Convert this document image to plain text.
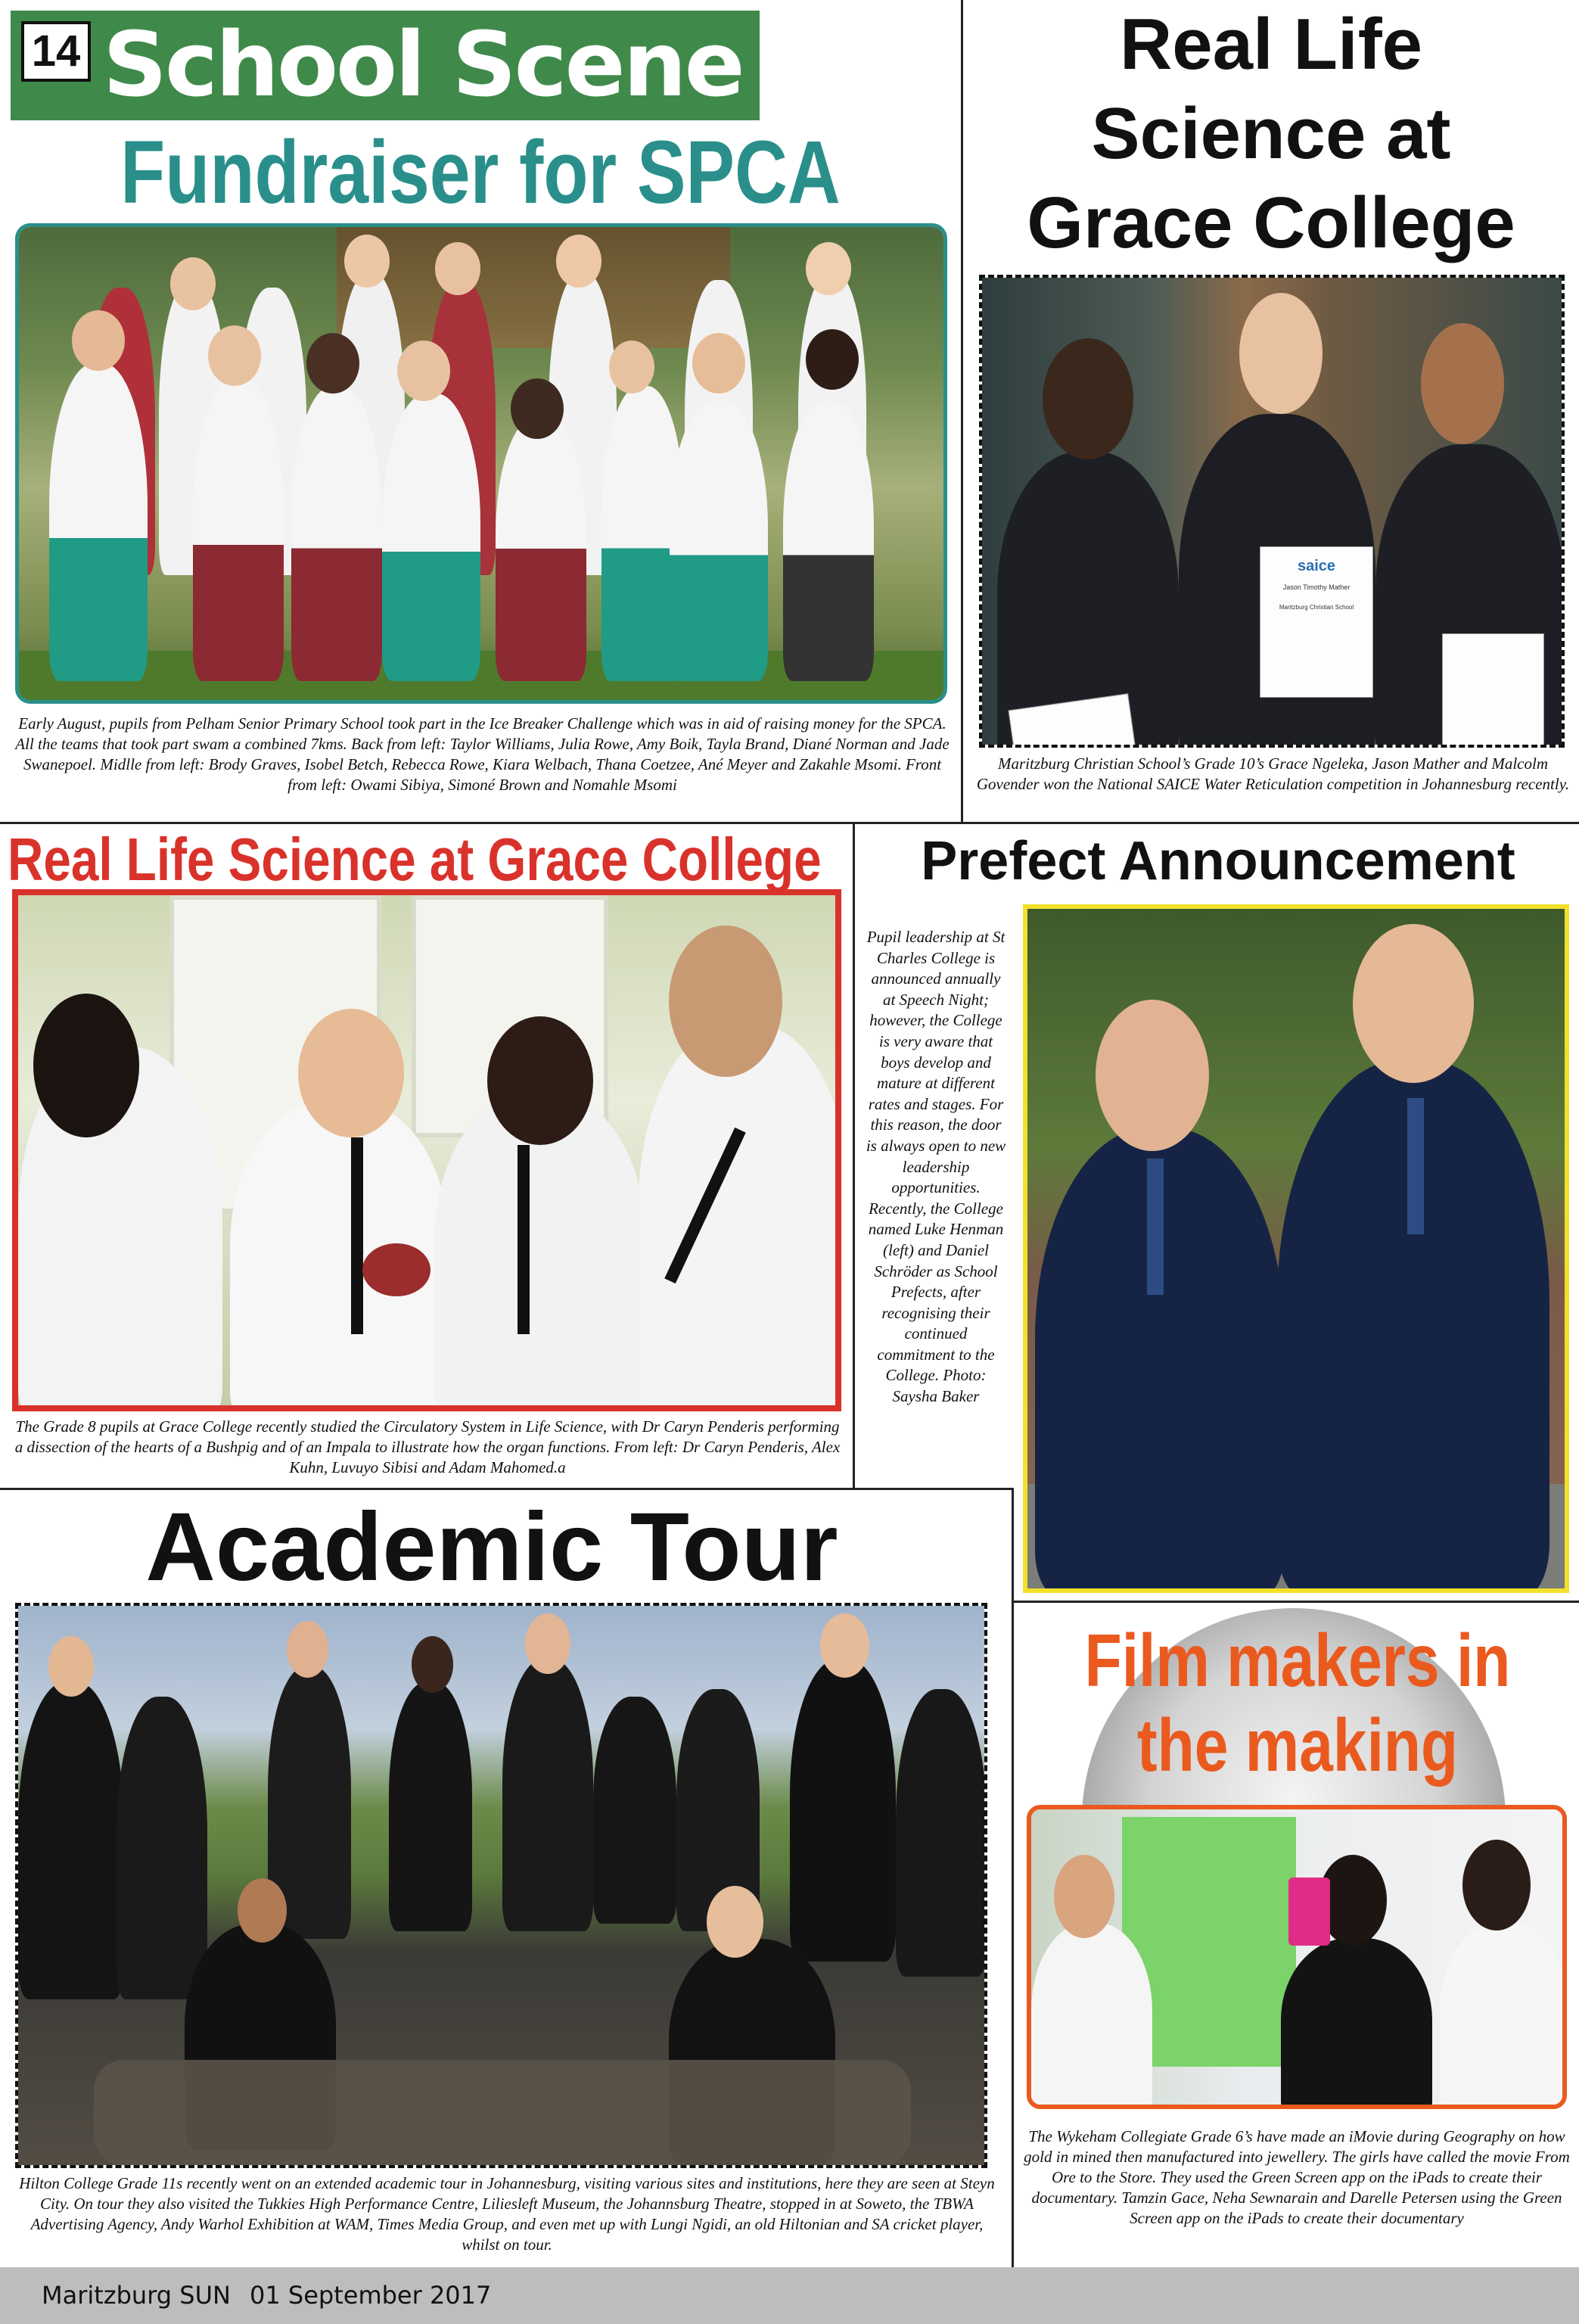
14 School Scene
Fundraiser for SPCA
Early August, pupils from Pelham Senior Primary School took part in the Ice Breaker Challenge which was in aid of raising money for the SPCA. All the teams that took part swam a combined 7kms. Back from left: Taylor Williams, Julia Rowe, Amy Boik, Tayla Brand, Diané Norman and Jade Swanepoel. Midlle from left: Brody Graves, Isobel Betch, Rebecca Rowe, Kiara Welbach, Thana Coetzee, Ané Meyer and Zakahle Msomi. Front from left: Owami Sibiya, Simoné Brown and Nomahle Msomi
Real Life
Science at
Grace College
saice
Jason Timothy Mather
Maritzburg Christian School
Maritzburg Christian School’s Grade 10’s Grace Ngeleka, Jason Mather and Malcolm Govender won the National SAICE Water Reticulation competition in Johannesburg recently.
Real Life Science at Grace College
The Grade 8 pupils at Grace College recently studied the Circulatory System in Life Science, with Dr Caryn Penderis performing a dissection of the hearts of a Bushpig and of an Impala to illustrate how the organ functions. From left: Dr Caryn Penderis, Alex Kuhn, Luvuyo Sibisi and Adam Mahomed.a
Prefect Announcement
Pupil leadership at St Charles College is announced annually at Speech Night; however, the College is very aware that boys develop and mature at different rates and stages. For this reason, the door is always open to new leadership opportunities. Recently, the College named Luke Henman (left) and Daniel Schröder as School Prefects, after recognising their continued commitment to the College. Photo: Saysha Baker
Academic Tour
Hilton College Grade 11s recently went on an extended academic tour in Johannesburg, visiting various sites and institutions, here they are seen at Steyn City. On tour they also visited the Tukkies High Performance Centre, Liliesleft Museum, the Johannsburg Theatre, stopped in at Soweto, the TBWA Advertising Agency, Andy Warhol Exhibition at WAM, Times Media Group, and even met up with Lungi Ngidi, an old Hiltonian and SA cricket player, whilst on tour.
Film makers in
the making
The Wykeham Collegiate Grade 6’s have made an iMovie during Geography on how gold in mined then manufactured into jewellery. The girls have called the movie From Ore to the Store. They used the Green Screen app on the iPads to create their documentary. Tamzin Gace, Neha Sewnarain and Darelle Petersen using the Green Screen app on the iPads to create their documentary
Maritzburg SUN 01 September 2017
